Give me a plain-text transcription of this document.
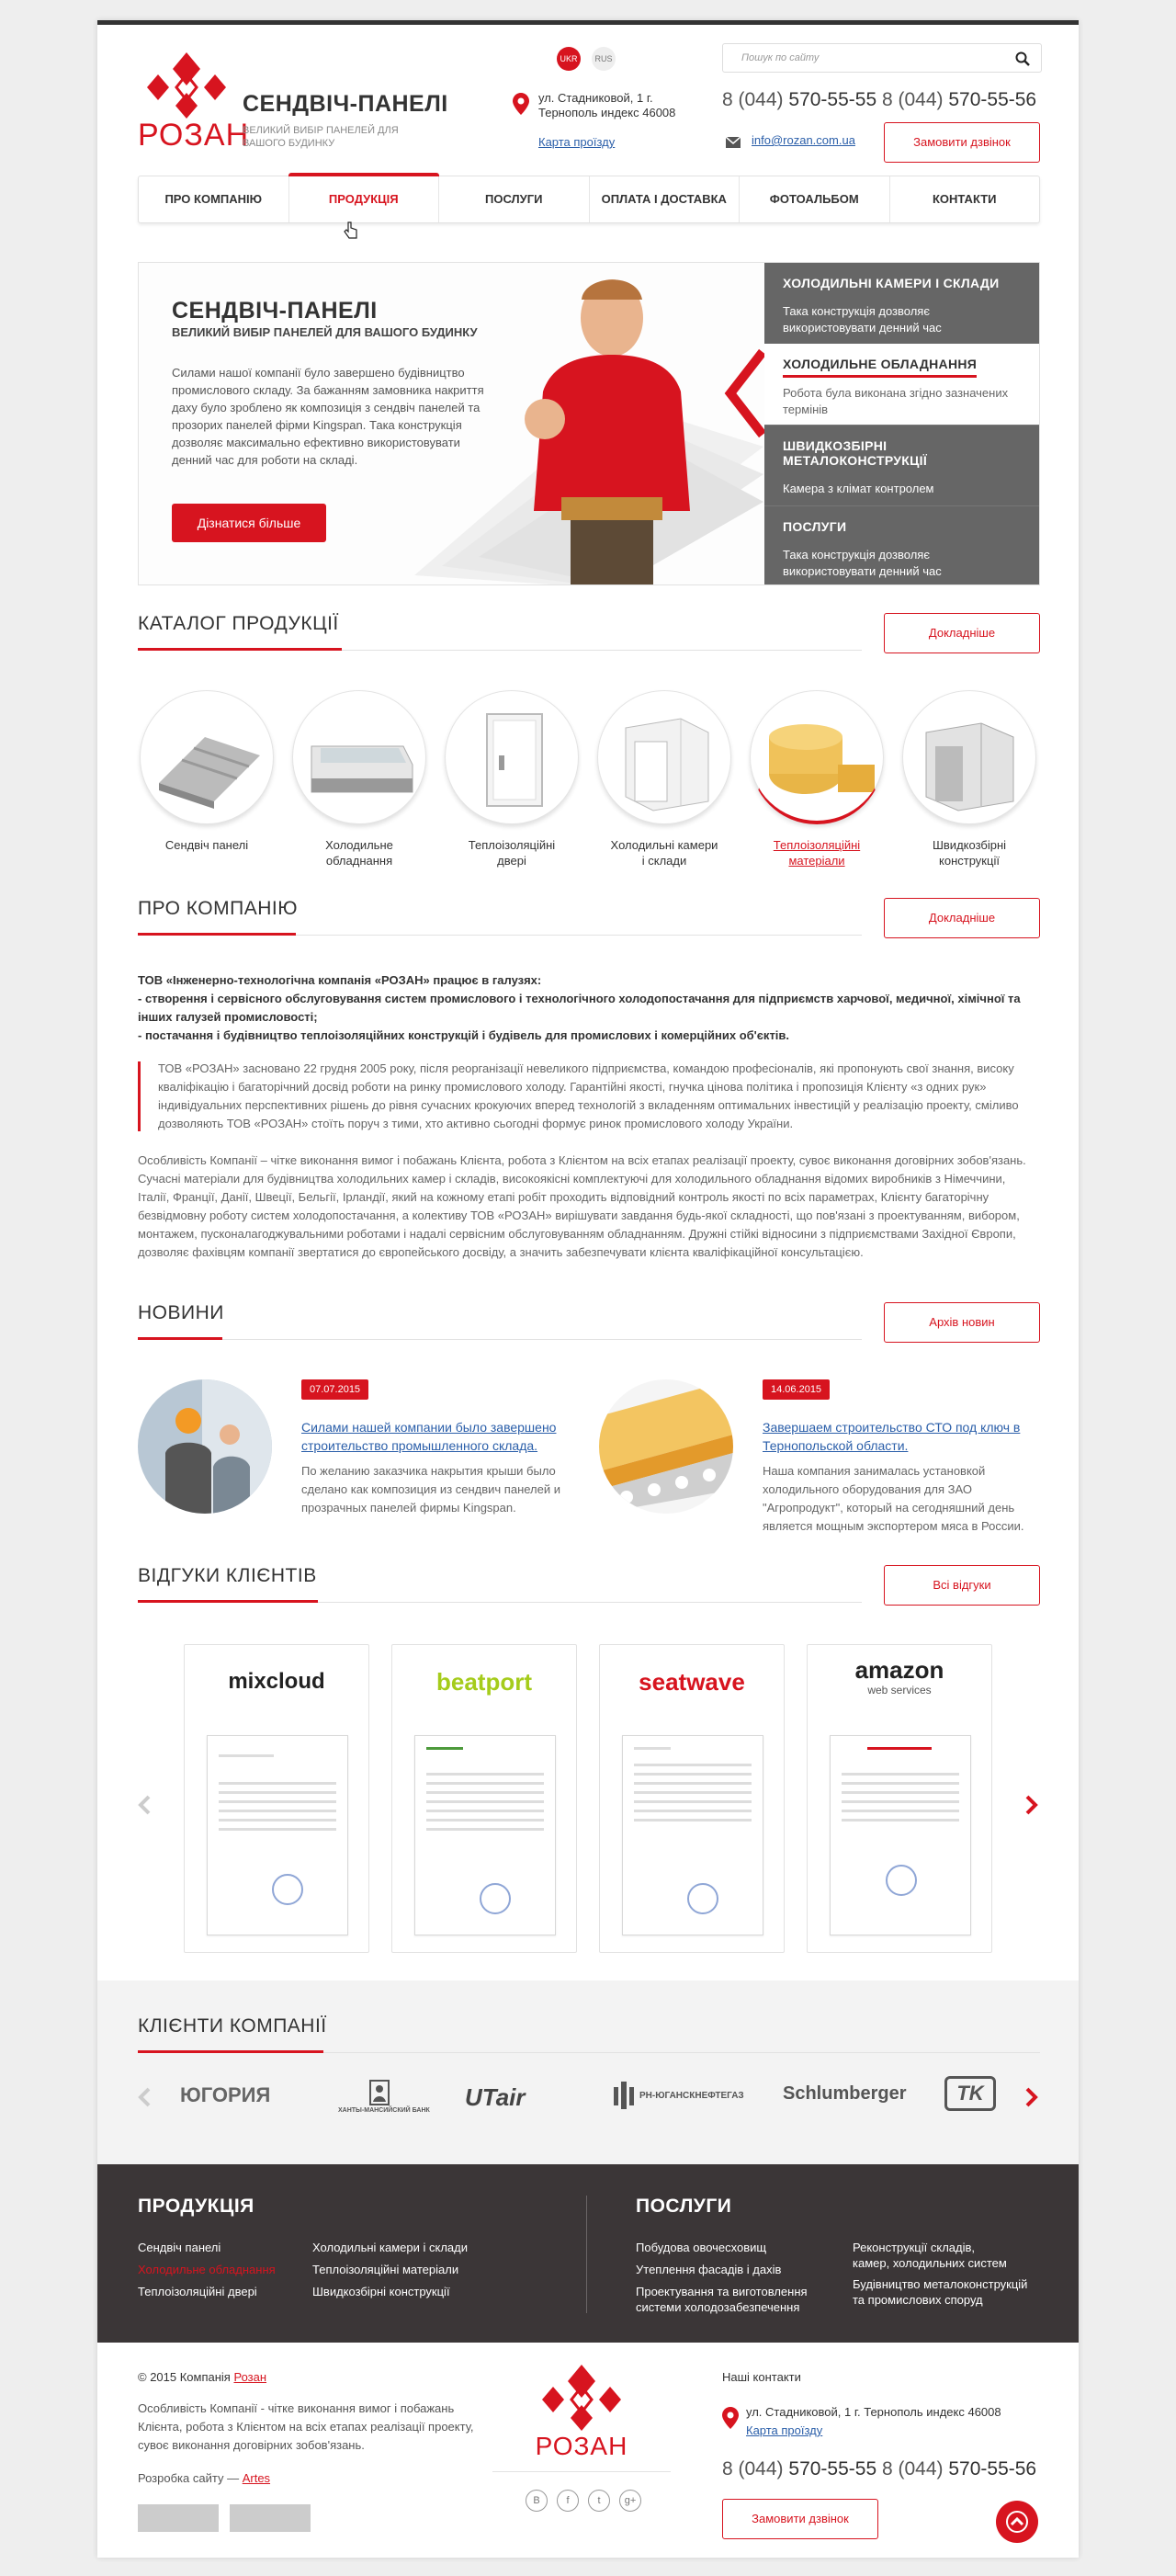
РОЗАН
СЕНДВІЧ-ПАНЕЛІ
ВЕЛИКИЙ ВИБІР ПАНЕЛЕЙ ДЛЯ
ВАШОГО БУДИНКУ
UKR	RUS
ул. Стадниковой, 1 г.
Тернополь индекс 46008
Карта проїзду
Пошук по сайту
8 (044) 570-55-55 8 (044) 570-55-56
info@rozan.com.ua	Замовити дзвінок
ПРО КОМПАНІЮ	ПРОДУКЦІЯ	ПОСЛУГИ	ОПЛАТА І ДОСТАВКА	ФОТОАЛЬБОМ	КОНТАКТИ
СЕНДВІЧ-ПАНЕЛІ
ВЕЛИКИЙ ВИБІР ПАНЕЛЕЙ ДЛЯ ВАШОГО БУДИНКУ
Силами нашої компанії було завершено будівництво промислового складу. За бажанням замовника накриття даху було зроблено як композиція з сендвіч панелей та прозорих панелей фірми Kingspan. Така конструкція дозволяє максимально ефективно використовувати денний час для роботи на складі.
Дізнатися більше
ХОЛОДИЛЬНІ КАМЕРИ І СКЛАДИ
Така конструкція дозволяє використовувати денний час
ХОЛОДИЛЬНЕ ОБЛАДНАННЯ
Робота була виконана згідно зазначених термінів
ШВИДКОЗБІРНІ МЕТАЛОКОНСТРУКЦІЇ
Камера з клімат контролем
ПОСЛУГИ
Така конструкція дозволяє використовувати денний час
КАТАЛОГ ПРОДУКЦІЇ	Докладніше
Сендвіч панелі	Холодильне
обладнання
Теплоізоляційні
двері
Холодильні камери
і склади
Теплоізоляційні
матеріали
Швидкозбірні
конструкції
ПРО КОМПАНІЮ	Докладніше
ТОВ «Інженерно-технологічна компанія «РОЗАН» працює в галузях:
- створення і сервісного обслуговування систем промислового і технологічного холодопостачання для підприємств харчової, медичної, хімічної та інших галузей промисловості;
- постачання і будівництво теплоізоляційних конструкцій і будівель для промислових і комерційних об'єктів.
ТОВ «РОЗАН» засновано 22 грудня 2005 року, після реорганізації невеликого підприємства, командою професіоналів, які пропонують свої знання, високу кваліфікацію і багаторічний досвід роботи на ринку промислового холоду. Гарантійні якості, гнучка цінова політика і пропозиція Клієнту «з одних рук» індивідуальних перспективних рішень до рівня сучасних крокуючих вперед технологій з вкладенням оптимальних інвестицій у реалізацію проекту, сміливо дозволяють ТОВ «РОЗАН» стоїть поруч з тими, хто активно сьогодні формує ринок промислового холоду України.
Особливість Компанії – чітке виконання вимог і побажань Клієнта, робота з Клієнтом на всіх етапах реалізації проекту, сувоє виконання договірних зобов'язань. Сучасні матеріали для будівництва холодильних камер і складів, високоякісні комплектуючі для холодильного обладнання відомих виробників з Німеччини, Італії, Франції, Данії, Швеції, Бельгії, Ірландії, який на кожному етапі робіт проходить відповідний контроль якості по всіх параметрах, Клієнту багаторічну безвідмовну роботу систем холодопостачання, а колективу ТОВ «РОЗАН» вирішувати завдання будь-якої складності, що пов'язані з проектуванням, вибором, монтажем, пусконалагоджувальними роботами і надалі сервісним обслуговуванням обладнанням. Дружні стійкі відносини з підприємствами Західної Європи, дозволяє фахівцям компанії звертатися до європейського досвіду, а значить забезпечувати клієнта кваліфікаційної консультацією.
НОВИНИ	Архів новин
07.07.2015
Силами нашей компании было завершено
строительство промышленного склада.
По желанию заказчика накрытия крыши было
сделано как композиция из сендвич панелей и
прозрачных панелей фирмы Kingspan.
14.06.2015
Завершаем строительство СТО под ключ в
Тернопольской области.
Наша компания занималась установкой
холодильного оборудования для ЗАО
"Агропродукт", который на сегодняшний день
является мощным экспортером мяса в России.
ВІДГУКИ КЛІЄНТІВ	Всі відгуки
mixcloud	beatport	seatwave	amazon
web services
КЛІЄНТИ КОМПАНІЇ
ЮГОРИЯ
ХАНТЫ-МАНСИЙСКИЙ БАНК UTair	РН-ЮГАНСКНЕФТЕГАЗ Schlumberger	TK
ПРОДУКЦІЯ
Сендвіч панелі
Холодильне обладнання
Теплоізоляційні двері
Холодильні камери і склади
Теплоізоляційні матеріали
Швидкозбірні конструкції
ПОСЛУГИ
Побудова овочесховищ
Утеплення фасадів і дахів
Проектування та виготовлення
системи холодозабезпечення
Реконструкції складів,
камер, холодильних систем
Будівництво металоконструкцій
та промислових споруд
© 2015 Компанія Розан
Особливість Компанії - чітке виконання вимог і побажань
Клієнта, робота з Клієнтом на всіх етапах реалізації проекту,
сувоє виконання договірних зобов'язань.
Розробка сайту — Artes
РОЗАН
B	f	t	g+
Наші контакти
ул. Стадниковой, 1 г. Тернополь индекс 46008
Карта проїзду
8 (044) 570-55-55 8 (044) 570-55-56
Замовити дзвінок
